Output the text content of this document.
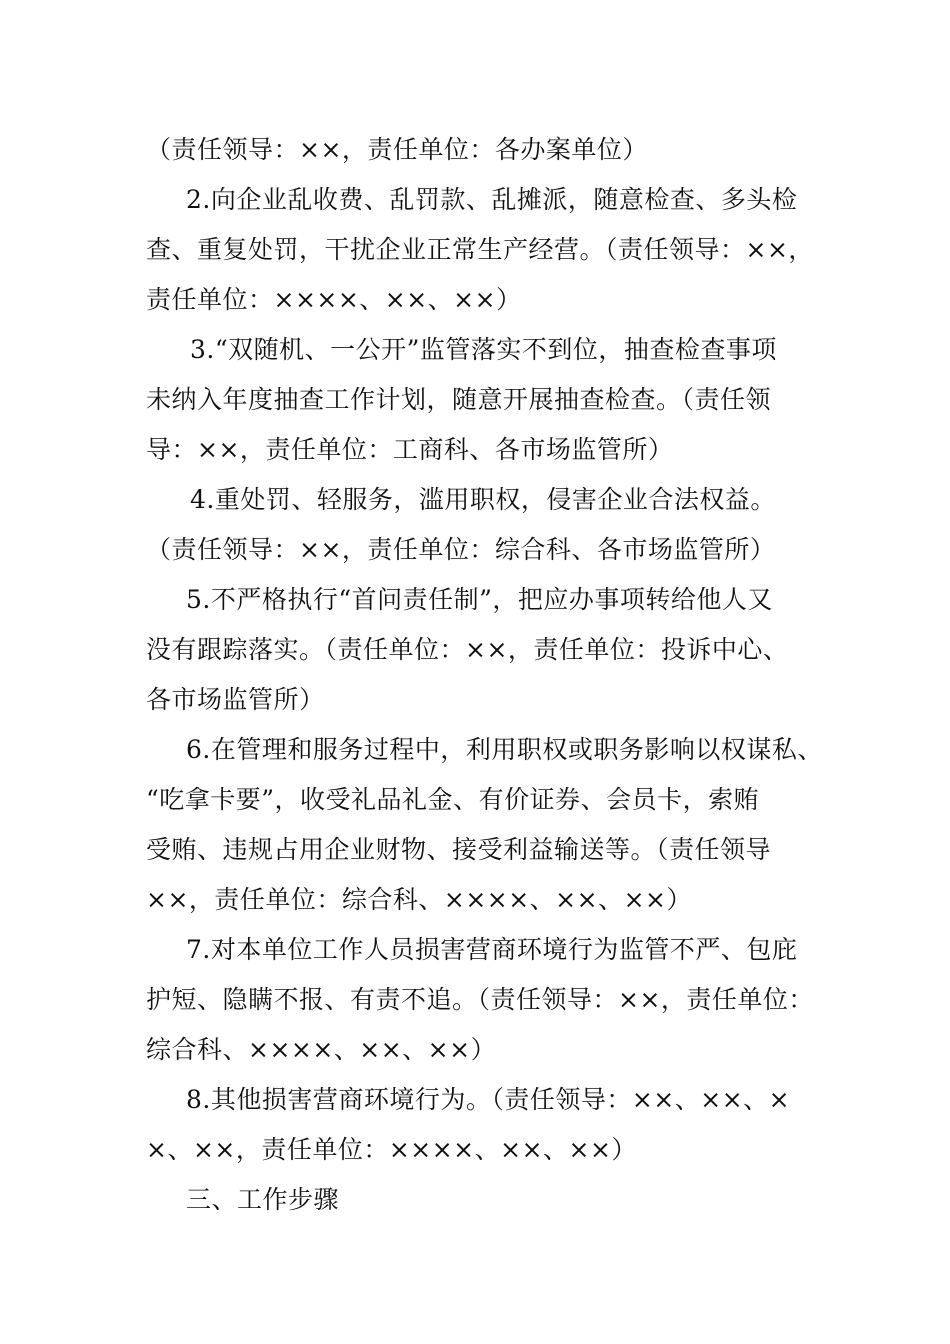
（责任领导：××，责任单位：各办案单位）
2.向企业乱收费、乱罚款、乱摊派，随意检查、多头检
查、重复处罚，干扰企业正常生产经营。（责任领导：××，
责任单位：××××、××、××）
3.“双随机、一公开”监管落实不到位，抽查检查事项
未纳入年度抽查工作计划，随意开展抽查检查。（责任领
导：××，责任单位：工商科、各市场监管所）
4.重处罚、轻服务，滥用职权，侵害企业合法权益。
（责任领导：××，责任单位：综合科、各市场监管所）
5.不严格执行“首问责任制”，把应办事项转给他人又
没有跟踪落实。（责任单位：××，责任单位：投诉中心、
各市场监管所）
6.在管理和服务过程中，利用职权或职务影响以权谋私、
“吃拿卡要”，收受礼品礼金、有价证券、会员卡，索贿
受贿、违规占用企业财物、接受利益输送等。（责任领导
××，责任单位：综合科、××××、××、××）
7.对本单位工作人员损害营商环境行为监管不严、包庇
护短、隐瞒不报、有责不追。（责任领导：××，责任单位：
综合科、××××、××、××）
8.其他损害营商环境行为。（责任领导：××、××、×
×、××，责任单位：××××、××、××）
三、工作步骤
